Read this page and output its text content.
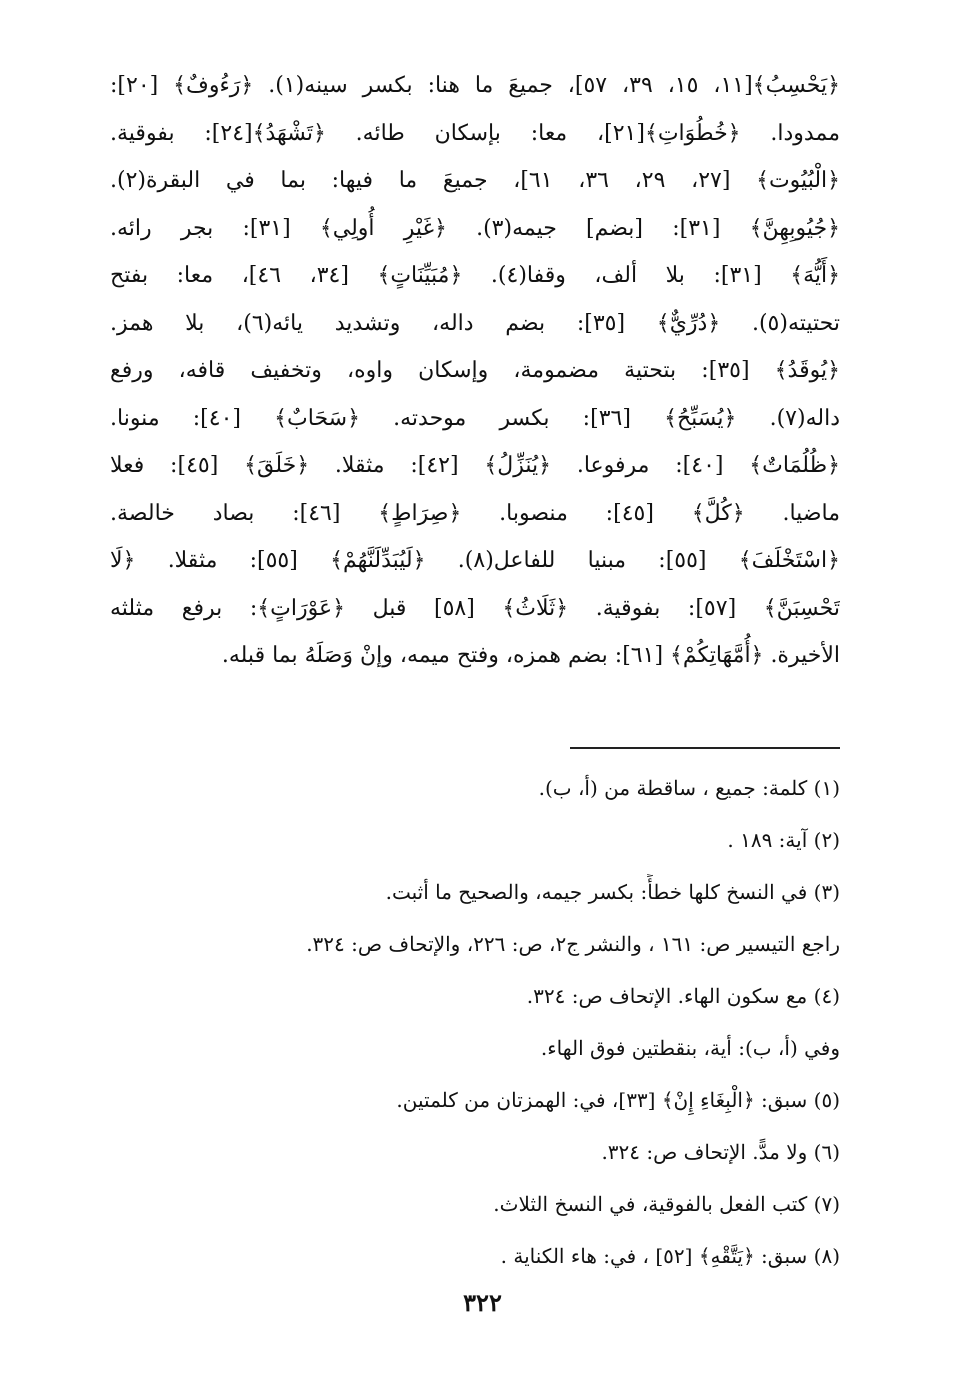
﴿يَحْسِبُ﴾[١١، ١٥، ٣٩، ٥٧]، جميعَ ما هنا: بكسر سينه(١). ﴿رَءُوفٌ﴾ [٢٠]:
ممدودا. ﴿خُطُوَاتِ﴾[٢١]، معا: بإسكان طائه. ﴿تَشْهَدُ﴾[٢٤]: بفوقية.
﴿الْبُيُوت﴾ [٢٧، ٢٩، ٣٦، ٦١]، جميعَ ما فيها: بما في البقرة(٢).
﴿جُيُوبِهِنَّ﴾ [٣١]: [بضم] جيمه(٣). ﴿غَيْرِ أُولِي﴾ [٣١]: بجر رائه.
﴿أَيُّهَ﴾ [٣١]: بلا ألف، وقفا(٤). ﴿مُبَيِّنَاتٍ﴾ [٣٤، ٤٦]، معا: بفتح
تحتيته(٥). ﴿دُرِّيٌّ﴾ [٣٥]: بضم داله، وتشديد يائه(٦)، بلا همز.
﴿يُوقَدُ﴾ [٣٥]: بتحتية مضمومة، وإسكان واوه، وتخفيف قافه، ورفع
داله(٧). ﴿يُسَبِّحُ﴾ [٣٦]: بكسر موحدته. ﴿سَحَابٌ﴾ [٤٠]: منونا.
﴿ظُلُمَاتٌ﴾ [٤٠]: مرفوعا. ﴿يُنَزِّلُ﴾ [٤٢]: مثقلا. ﴿خَلَقَ﴾ [٤٥]: فعلا
ماضيا. ﴿كُلَّ﴾ [٤٥]: منصوبا. ﴿صِرَاطٍ﴾ [٤٦]: بصاد خالصة.
﴿اسْتَخْلَفَ﴾ [٥٥]: مبنيا للفاعل(٨). ﴿لَيُبَدِّلَنَّهُمْ﴾ [٥٥]: مثقلا. ﴿لَا
تَحْسِبَنَّ﴾ [٥٧]: بفوقية. ﴿ثَلَاثُ﴾ [٥٨] قبل ﴿عَوْرَاتٍ﴾: برفع مثلثه
الأخيرة. ﴿أُمَّهَاتِكُمْ﴾ [٦١]: بضم همزه، وفتح ميمه، وإنْ وَصَلَهُ بما قبله.
(١) كلمة: جميع ، ساقطة من (أ، ب).
(٢) آية: ١٨٩ .
(٣) في النسخ كلها خطأً: بكسر جيمه، والصحيح ما أثبت.
راجع التيسير ص: ١٦١ ، والنشر ج٢، ص: ٢٢٦، والإتحاف ص: ٣٢٤.
(٤) مع سكون الهاء. الإتحاف ص: ٣٢٤.
وفي (أ، ب): أية، بنقطتين فوق الهاء.
(٥) سبق: ﴿الْبِغَاءِ إِنْ﴾ [٣٣]، في: الهمزتان من كلمتين.
(٦) ولا مدًّ. الإتحاف ص: ٣٢٤.
(٧) كتب الفعل بالفوقية، في النسخ الثلاث.
(٨) سبق: ﴿يَتَّقْهِ﴾ [٥٢] ، في: هاء الكناية .
٣٢٢
